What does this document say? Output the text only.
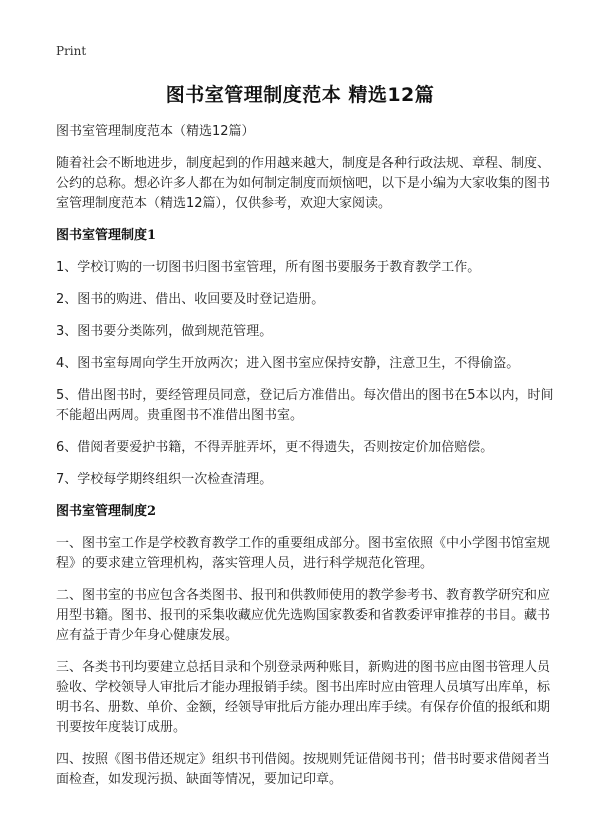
Print
图书室管理制度范本 精选12篇

图书室管理制度范本（精选12篇）

随着社会不断地进步，制度起到的作用越来越大，制度是各种行政法规、章程、制度、公约的总称。想必许多人都在为如何制定制度而烦恼吧，以下是小编为大家收集的图书室管理制度范本（精选12篇），仅供参考，欢迎大家阅读。

图书室管理制度1

1、学校订购的一切图书归图书室管理，所有图书要服务于教育教学工作。

2、图书的购进、借出、收回要及时登记造册。

3、图书要分类陈列，做到规范管理。

4、图书室每周向学生开放两次；进入图书室应保持安静，注意卫生，不得偷盗。

5、借出图书时，要经管理员同意，登记后方准借出。每次借出的图书在5本以内，时间不能超出两周。贵重图书不准借出图书室。

6、借阅者要爱护书籍，不得弄脏弄坏，更不得遗失，否则按定价加倍赔偿。

7、学校每学期终组织一次检查清理。

图书室管理制度2

一、图书室工作是学校教育教学工作的重要组成部分。图书室依照《中小学图书馆室规程》的要求建立管理机构，落实管理人员，进行科学规范化管理。

二、图书室的书应包含各类图书、报刊和供教师使用的教学参考书、教育教学研究和应用型书籍。图书、报刊的采集收藏应优先选购国家教委和省教委评审推荐的书目。藏书应有益于青少年身心健康发展。

三、各类书刊均要建立总括目录和个别登录两种账目，新购进的图书应由图书管理人员验收、学校领导人审批后才能办理报销手续。图书出库时应由管理人员填写出库单，标明书名、册数、单价、金额，经领导审批后方能办理出库手续。有保存价值的报纸和期刊要按年度装订成册。

四、按照《图书借还规定》组织书刊借阅。按规则凭证借阅书刊；借书时要求借阅者当面检查，如发现污损、缺面等情况，要加记印章。
